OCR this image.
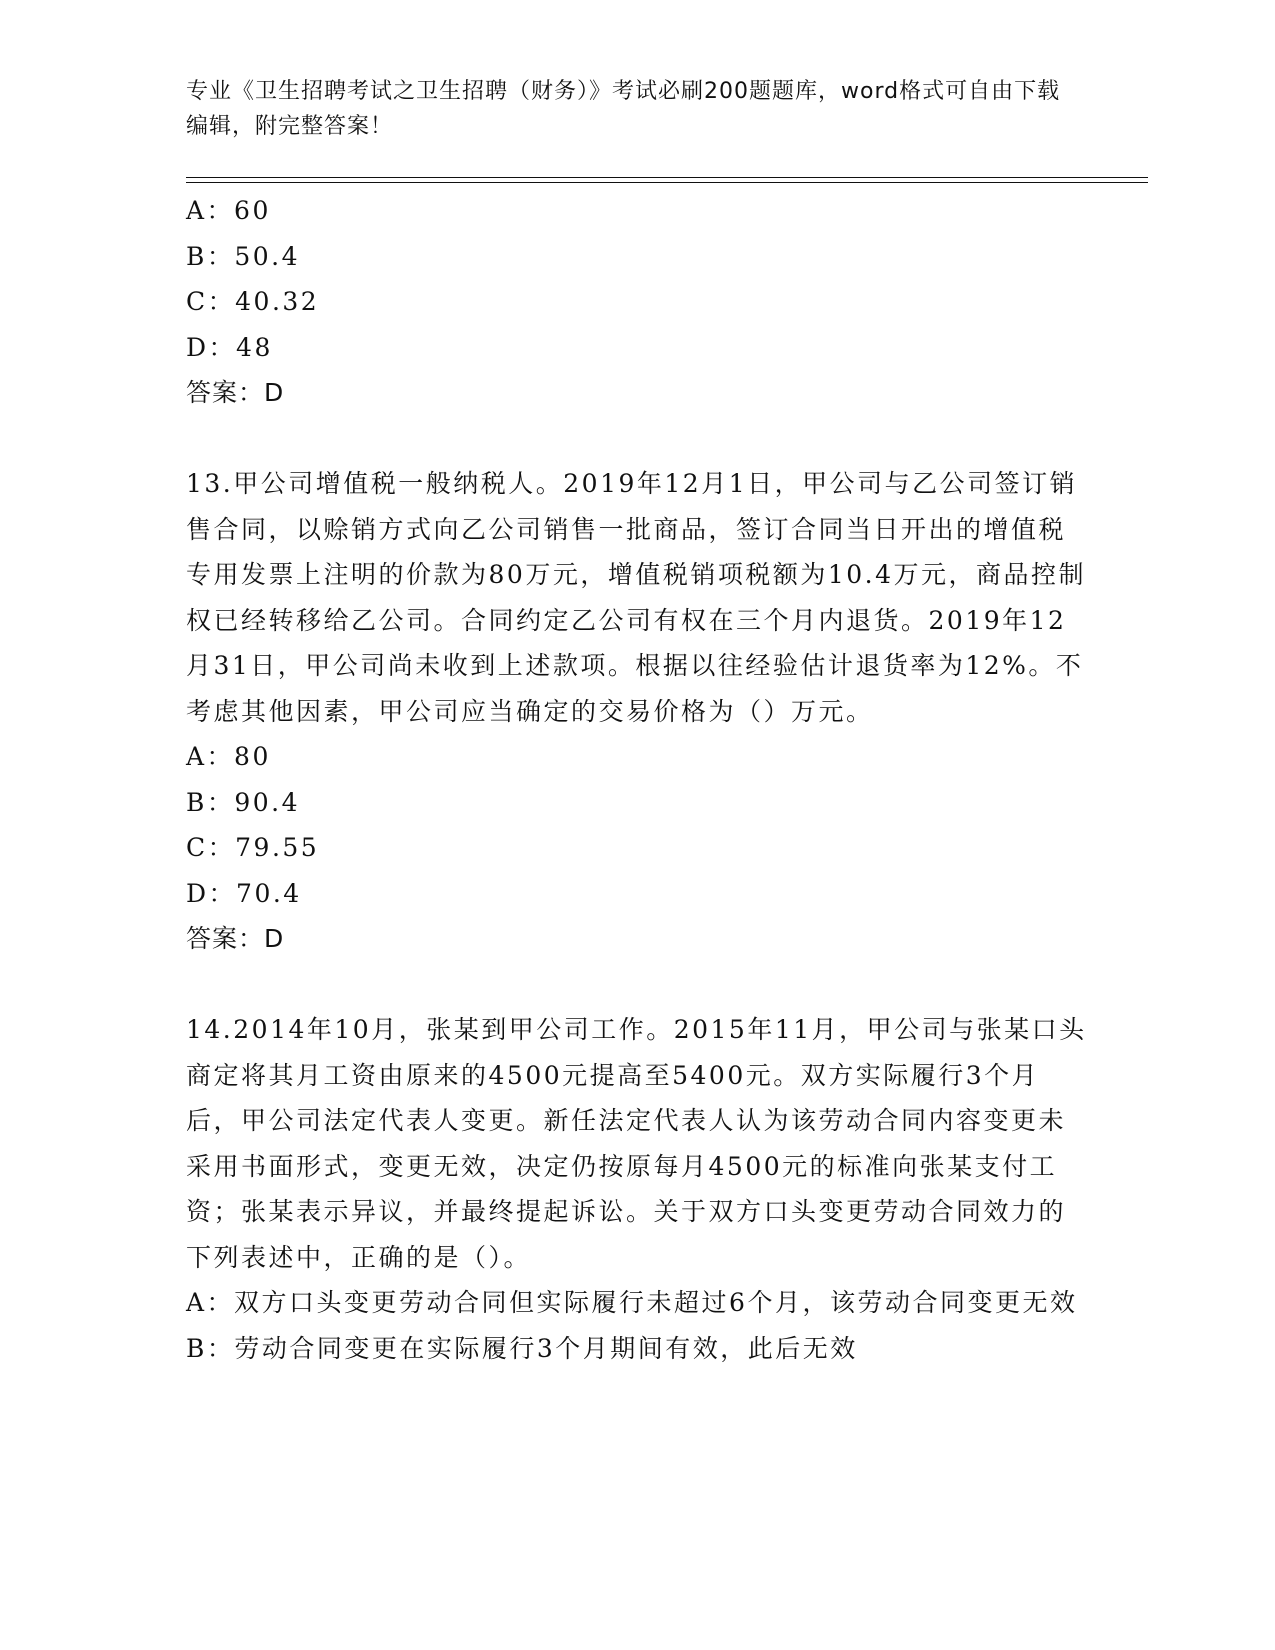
专业《卫生招聘考试之卫生招聘（财务）》考试必刷200题题库，word格式可自由下载编辑，附完整答案！

A：60

B：50.4

C：40.32

D：48

答案：D

13.甲公司增值税一般纳税人。2019年12月1日，甲公司与乙公司签订销售合同，以赊销方式向乙公司销售一批商品，签订合同当日开出的增值税专用发票上注明的价款为80万元，增值税销项税额为10.4万元，商品控制权已经转移给乙公司。合同约定乙公司有权在三个月内退货。2019年12月31日，甲公司尚未收到上述款项。根据以往经验估计退货率为12%。不考虑其他因素，甲公司应当确定的交易价格为（）万元。

A：80

B：90.4

C：79.55

D：70.4

答案：D

14.2014年10月，张某到甲公司工作。2015年11月，甲公司与张某口头商定将其月工资由原来的4500元提高至5400元。双方实际履行3个月后，甲公司法定代表人变更。新任法定代表人认为该劳动合同内容变更未采用书面形式，变更无效，决定仍按原每月4500元的标准向张某支付工资；张某表示异议，并最终提起诉讼。关于双方口头变更劳动合同效力的下列表述中，正确的是（）。

A：双方口头变更劳动合同但实际履行未超过6个月，该劳动合同变更无效

B：劳动合同变更在实际履行3个月期间有效，此后无效
